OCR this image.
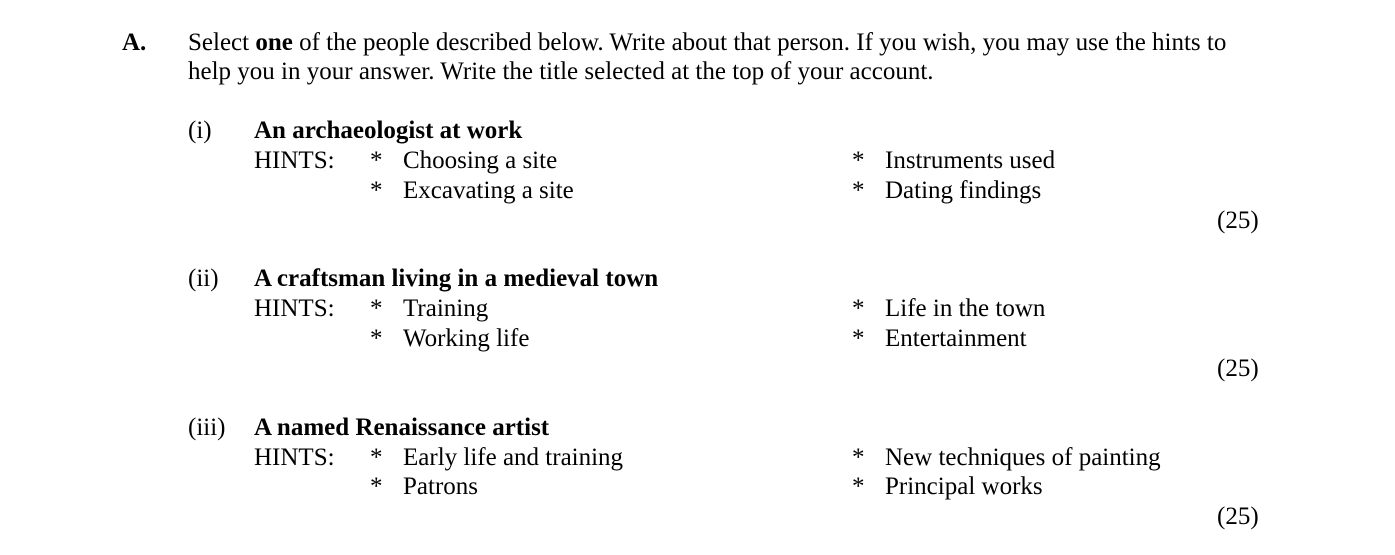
A. Select one of the people described below. Write about that person. If you wish, you may use the hints to
help you in your answer. Write the title selected at the top of your account.
(i) An archaeologist at work
HINTS: * Choosing a site
* Excavating a site
* Instruments used
* Dating findings
(25)
(ii) A craftsman living in a medieval town
HINTS: * Training
* Working life
* Life in the town
* Entertainment
(25)
(iii) A named Renaissance artist
HINTS: * Early life and training
* Patrons
* New techniques of painting
* Principal works
(25)
